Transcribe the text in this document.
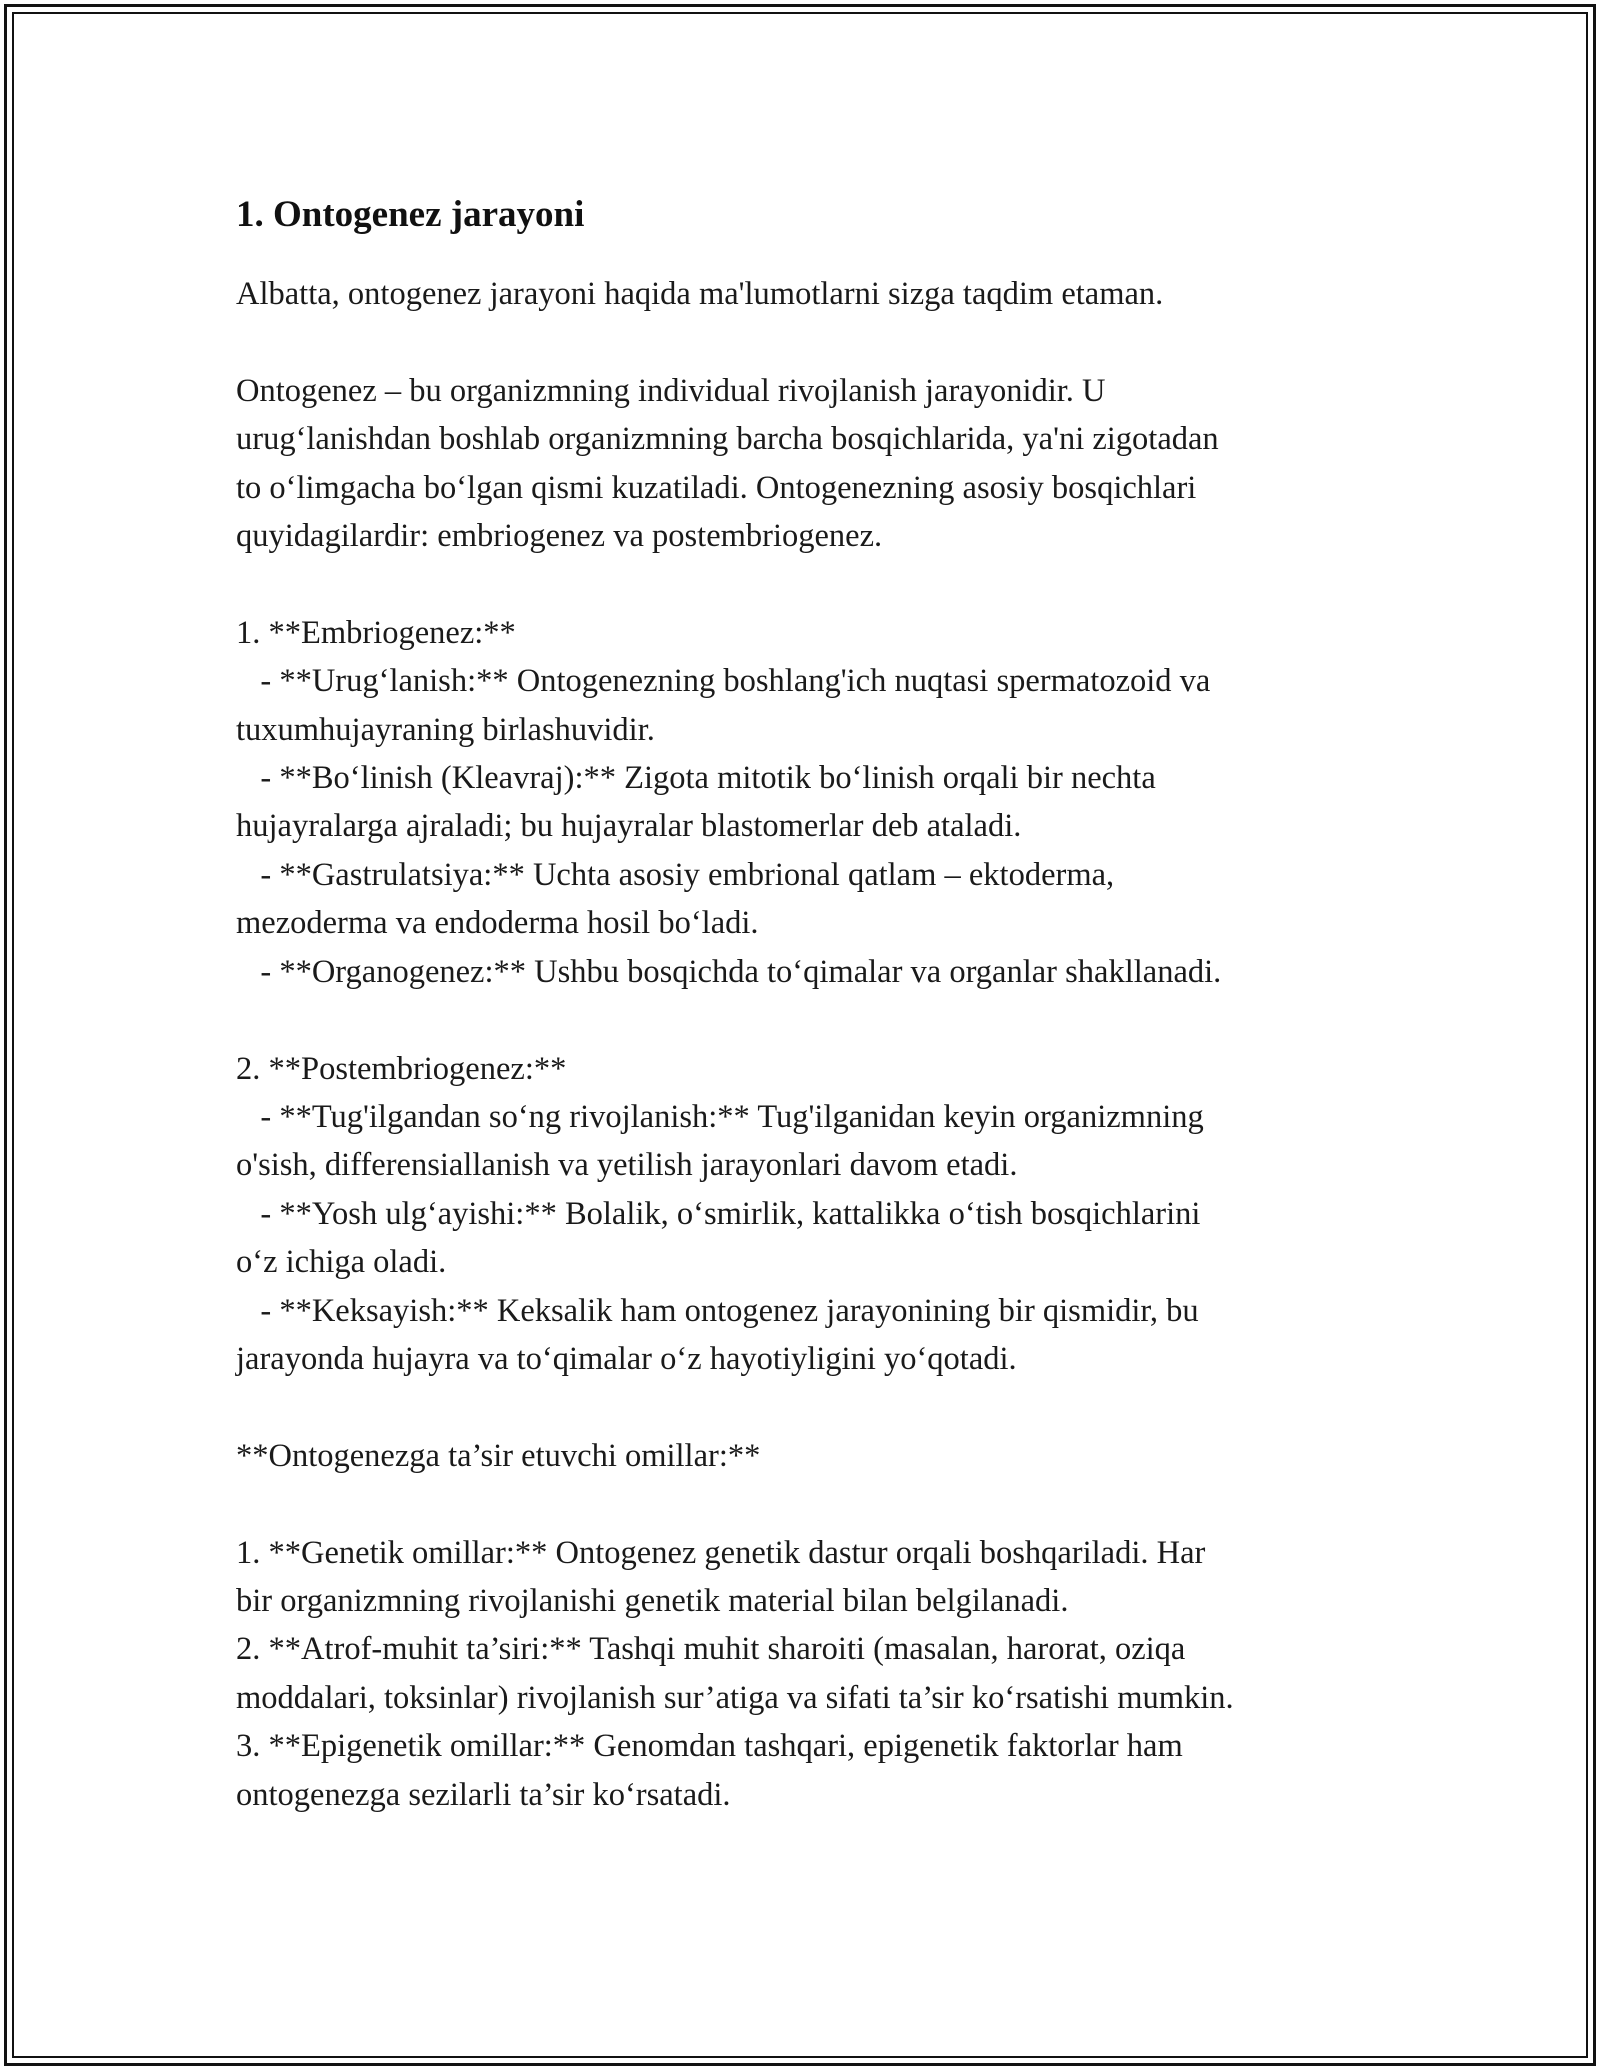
1. Ontogenez jarayoni
Albatta, ontogenez jarayoni haqida ma'lumotlarni sizga taqdim etaman.

Ontogenez – bu organizmning individual rivojlanish jarayonidir. U
urug‘lanishdan boshlab organizmning barcha bosqichlarida, ya'ni zigotadan
to o‘limgacha bo‘lgan qismi kuzatiladi. Ontogenezning asosiy bosqichlari
quyidagilardir: embriogenez va postembriogenez.

1. **Embriogenez:**
- **Urug‘lanish:** Ontogenezning boshlang'ich nuqtasi spermatozoid va
tuxumhujayraning birlashuvidir.
- **Bo‘linish (Kleavraj):** Zigota mitotik bo‘linish orqali bir nechta
hujayralarga ajraladi; bu hujayralar blastomerlar deb ataladi.
- **Gastrulatsiya:** Uchta asosiy embrional qatlam – ektoderma,
mezoderma va endoderma hosil bo‘ladi.
- **Organogenez:** Ushbu bosqichda to‘qimalar va organlar shakllanadi.

2. **Postembriogenez:**
- **Tug'ilgandan so‘ng rivojlanish:** Tug'ilganidan keyin organizmning
o'sish, differensiallanish va yetilish jarayonlari davom etadi.
- **Yosh ulg‘ayishi:** Bolalik, o‘smirlik, kattalikka o‘tish bosqichlarini
o‘z ichiga oladi.
- **Keksayish:** Keksalik ham ontogenez jarayonining bir qismidir, bu
jarayonda hujayra va to‘qimalar o‘z hayotiyligini yo‘qotadi.

**Ontogenezga ta’sir etuvchi omillar:**

1. **Genetik omillar:** Ontogenez genetik dastur orqali boshqariladi. Har
bir organizmning rivojlanishi genetik material bilan belgilanadi.
2. **Atrof-muhit ta’siri:** Tashqi muhit sharoiti (masalan, harorat, oziqa
moddalari, toksinlar) rivojlanish sur’atiga va sifati ta’sir ko‘rsatishi mumkin.
3. **Epigenetik omillar:** Genomdan tashqari, epigenetik faktorlar ham
ontogenezga sezilarli ta’sir ko‘rsatadi.
